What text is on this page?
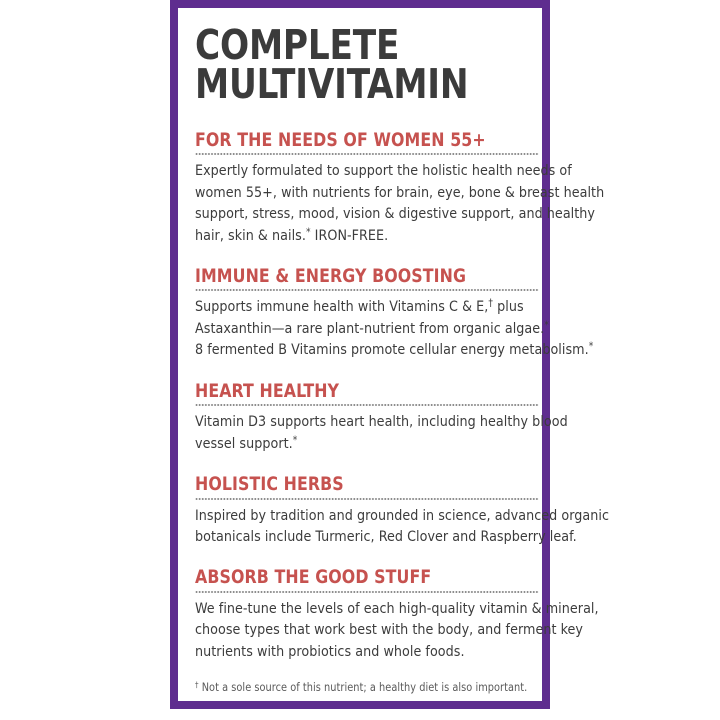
COMPLETE
MULTIVITAMIN
FOR THE NEEDS OF WOMEN 55+

Expertly formulated to support the holistic health needs of
women 55+, with nutrients for brain, eye, bone & breast health
support, stress, mood, vision & digestive support, and healthy
hair, skin & nails.* IRON-FREE.

IMMUNE & ENERGY BOOSTING

Supports immune health with Vitamins C & E,† plus
Astaxanthin—a rare plant-nutrient from organic algae.*
8 fermented B Vitamins promote cellular energy metabolism.*

HEART HEALTHY

Vitamin D3 supports heart health, including healthy blood
vessel support.*

HOLISTIC HERBS

Inspired by tradition and grounded in science, advanced organic
botanicals include Turmeric, Red Clover and Raspberry leaf.

ABSORB THE GOOD STUFF

We fine-tune the levels of each high-quality vitamin & mineral,
choose types that work best with the body, and ferment key
nutrients with probiotics and whole foods.

† Not a sole source of this nutrient; a healthy diet is also important.
